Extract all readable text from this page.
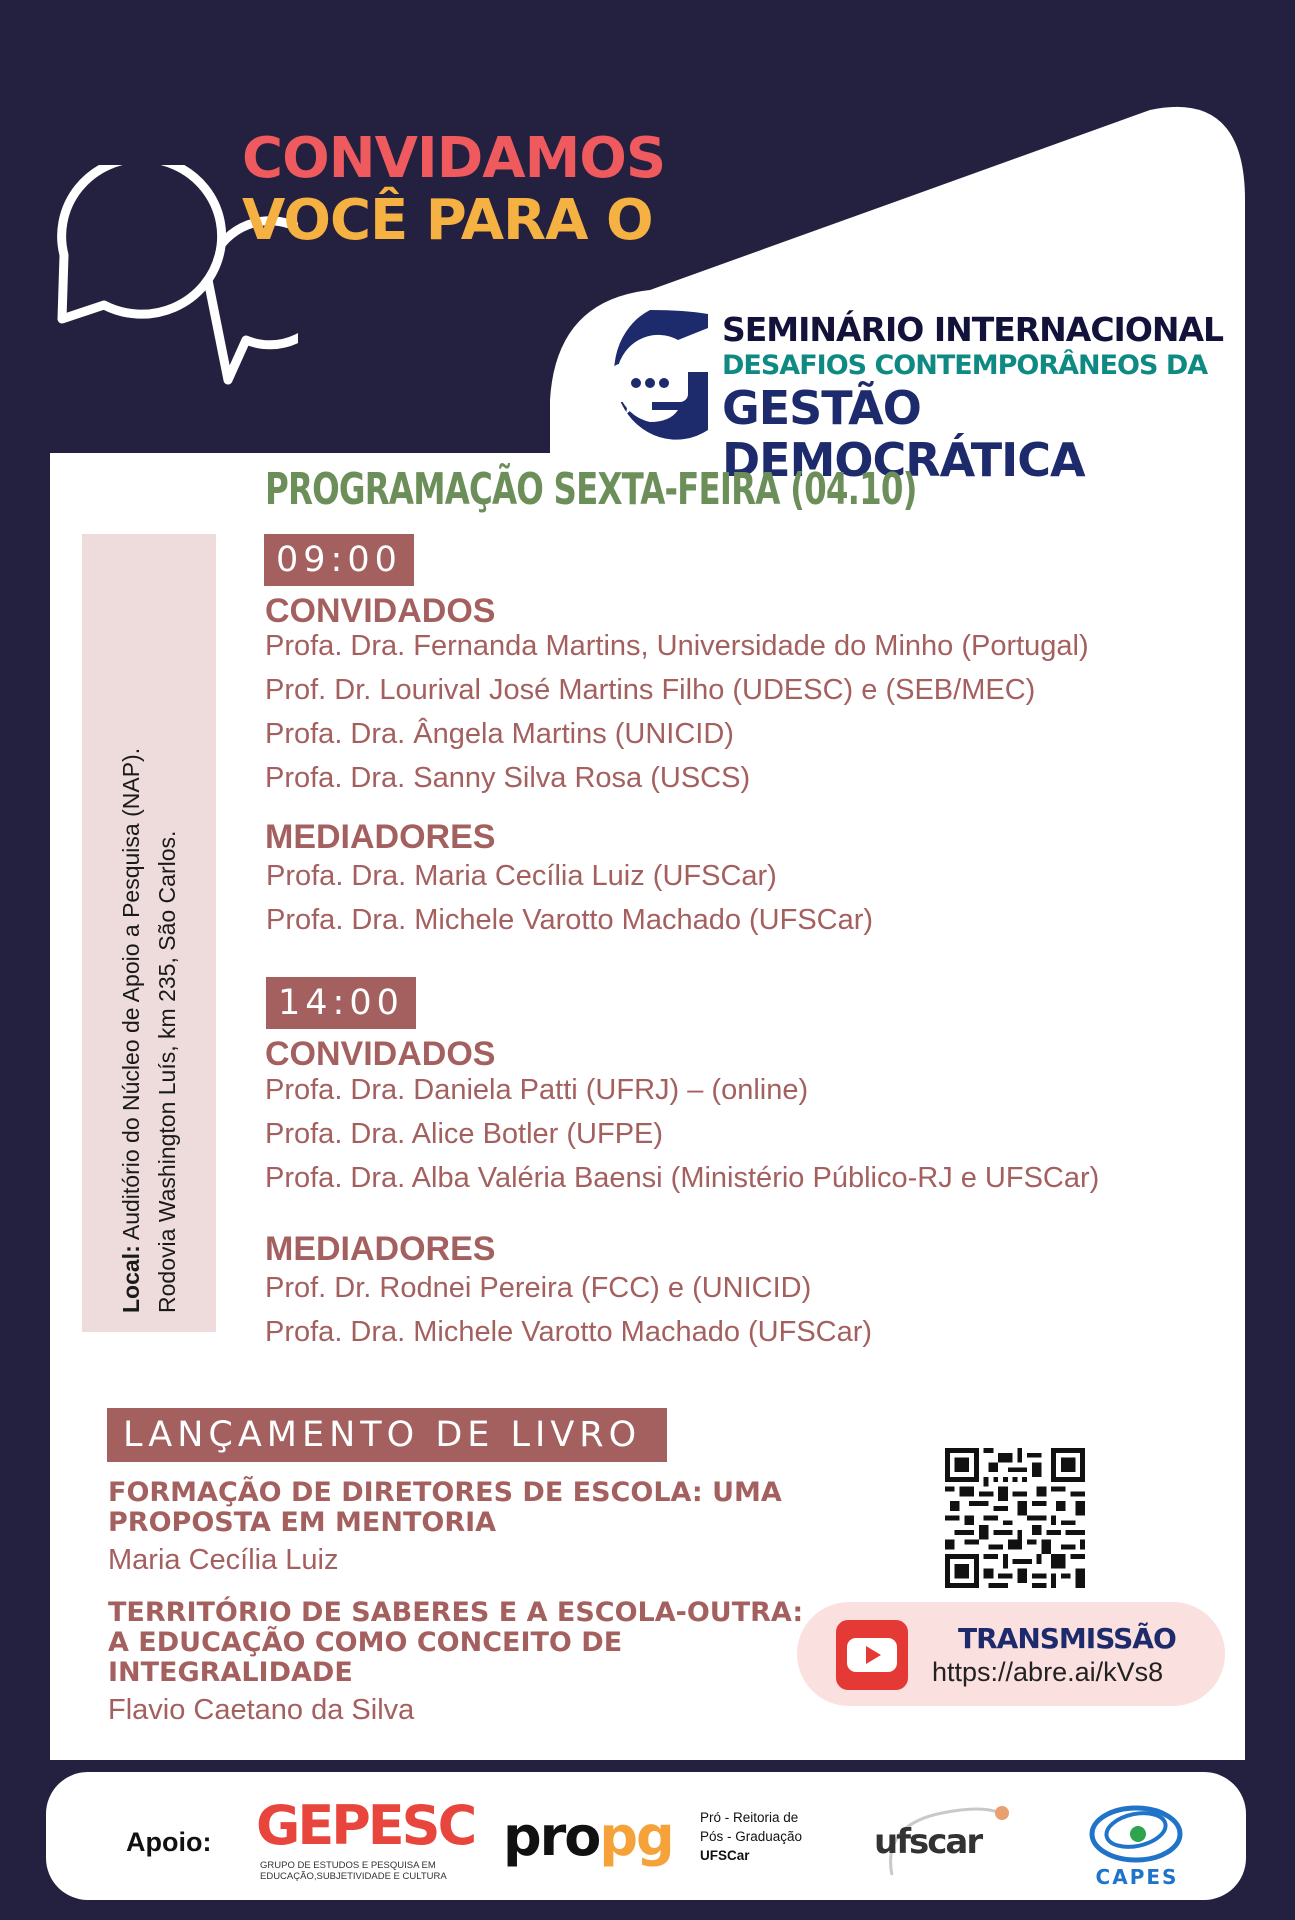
CONVIDAMOS
VOCÊ PARA O
SEMINÁRIO INTERNACIONAL
DESAFIOS CONTEMPORÂNEOS DA
GESTÃO DEMOCRÁTICA
PROGRAMAÇÃO SEXTA-FEIRA (04.10)
Local: Auditório do Núcleo de Apoio a Pesquisa (NAP). Rodovia Washington Luís, km 235, São Carlos.
09:00
CONVIDADOS
Profa. Dra. Fernanda Martins, Universidade do Minho (Portugal)
Prof. Dr. Lourival José Martins Filho (UDESC) e (SEB/MEC)
Profa. Dra. Ângela Martins (UNICID)
Profa. Dra. Sanny Silva Rosa (USCS)
MEDIADORES
Profa. Dra. Maria Cecília Luiz (UFSCar)
Profa. Dra. Michele Varotto Machado (UFSCar)
14:00
CONVIDADOS
Profa. Dra. Daniela Patti (UFRJ) – (online)
Profa. Dra. Alice Botler (UFPE)
Profa. Dra. Alba Valéria Baensi (Ministério Público-RJ e UFSCar)
MEDIADORES
Prof. Dr. Rodnei Pereira (FCC) e (UNICID)
Profa. Dra. Michele Varotto Machado (UFSCar)
LANÇAMENTO DE LIVRO
FORMAÇÃO DE DIRETORES DE ESCOLA: UMA
PROPOSTA EM MENTORIA
Maria Cecília Luiz
TERRITÓRIO DE SABERES E A ESCOLA-OUTRA:
A EDUCAÇÃO COMO CONCEITO DE
INTEGRALIDADE
Flavio Caetano da Silva
TRANSMISSÃO
https://abre.ai/kVs8
Apoio: GEPESC
GRUPO DE ESTUDOS E PESQUISA EM
EDUCAÇÃO,SUBJETIVIDADE E CULTURA
propg Pró - Reitoria de
Pós - Graduação
UFSCar	ufscar
CAPES
